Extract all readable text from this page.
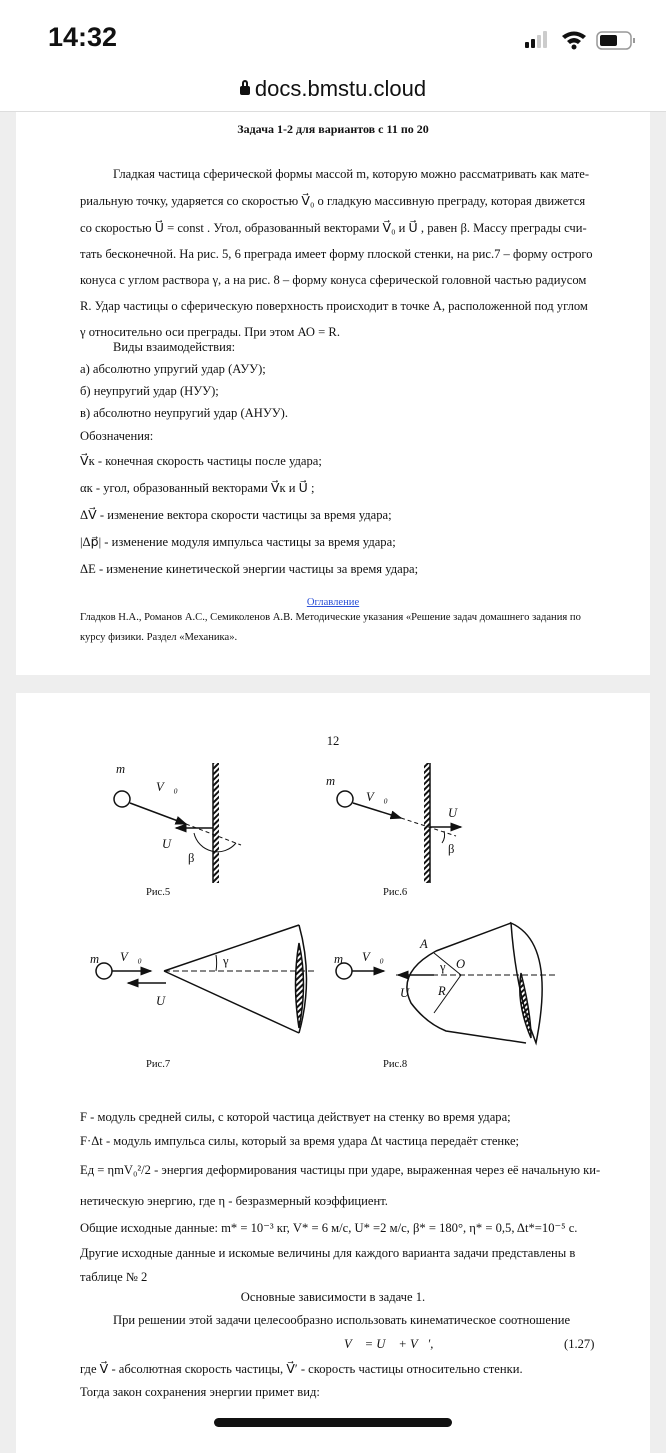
14:32
docs.bmstu.cloud
Задача 1-2 для вариантов с 11 по 20
Гладкая частица сферической формы массой m, которую можно рассматривать как мате-
риальную точку, ударяется со скоростью V⃗₀ о гладкую массивную преграду, которая движется
со скоростью U⃗ = const . Угол, образованный векторами V⃗₀ и U⃗ , равен β. Массу преграды счи-
тать бесконечной. На рис. 5, 6 преграда имеет форму плоской стенки, на рис.7 – форму острого
конуса с углом раствора γ, а на рис. 8 – форму конуса сферической головной частью радиусом
R. Удар частицы о сферическую поверхность происходит в точке А, расположенной под углом
γ относительно оси преграды. При этом АО = R.
Виды взаимодействия:
а) абсолютно упругий удар (АУУ);
б) неупругий удар (НУУ);
в) абсолютно неупругий удар (АНУУ).
Обозначения:
V⃗к - конечная скорость частицы после удара;
αк - угол, образованный векторами V⃗к и U⃗ ;
ΔV⃗ - изменение вектора скорости частицы за время удара;
|Δp⃗| - изменение модуля импульса частицы за время удара;
ΔE - изменение кинетической энергии частицы за время удара;
Оглавление
Гладков Н.А., Романов А.С., Семиколенов А.В. Методические указания «Решение задач домашнего задания по
курсу физики. Раздел «Механика».
12
m
V⃗₀
U⃗
β
Рис.5
m
V⃗₀
U⃗
β
Рис.6
m V⃗₀
U
γ
Рис.7
m V⃗₀
A
O
γ
U R
Рис.8
F - модуль средней силы, с которой частица действует на стенку во время удара;
F·Δt - модуль импульса силы, который за время удара Δt частица передаёт стенке;
Eд = ηmV₀²/2 - энергия деформирования частицы при ударе, выраженная через её начальную ки-
нетическую энергию, где η - безразмерный коэффициент.
Общие исходные данные: m* = 10⁻³ кг, V* = 6 м/с, U* =2 м/с, β* = 180°, η* = 0,5, Δt*=10⁻⁵ с.
Другие исходные данные и искомые величины для каждого варианта задачи представлены в
таблице № 2
Основные зависимости в задаче 1.
При решении этой задачи целесообразно использовать кинематическое соотношение
V⃗ = U⃗ + V⃗′,	(1.27)
где V⃗ - абсолютная скорость частицы, V⃗′ - скорость частицы относительно стенки.
Тогда закон сохранения энергии примет вид:
